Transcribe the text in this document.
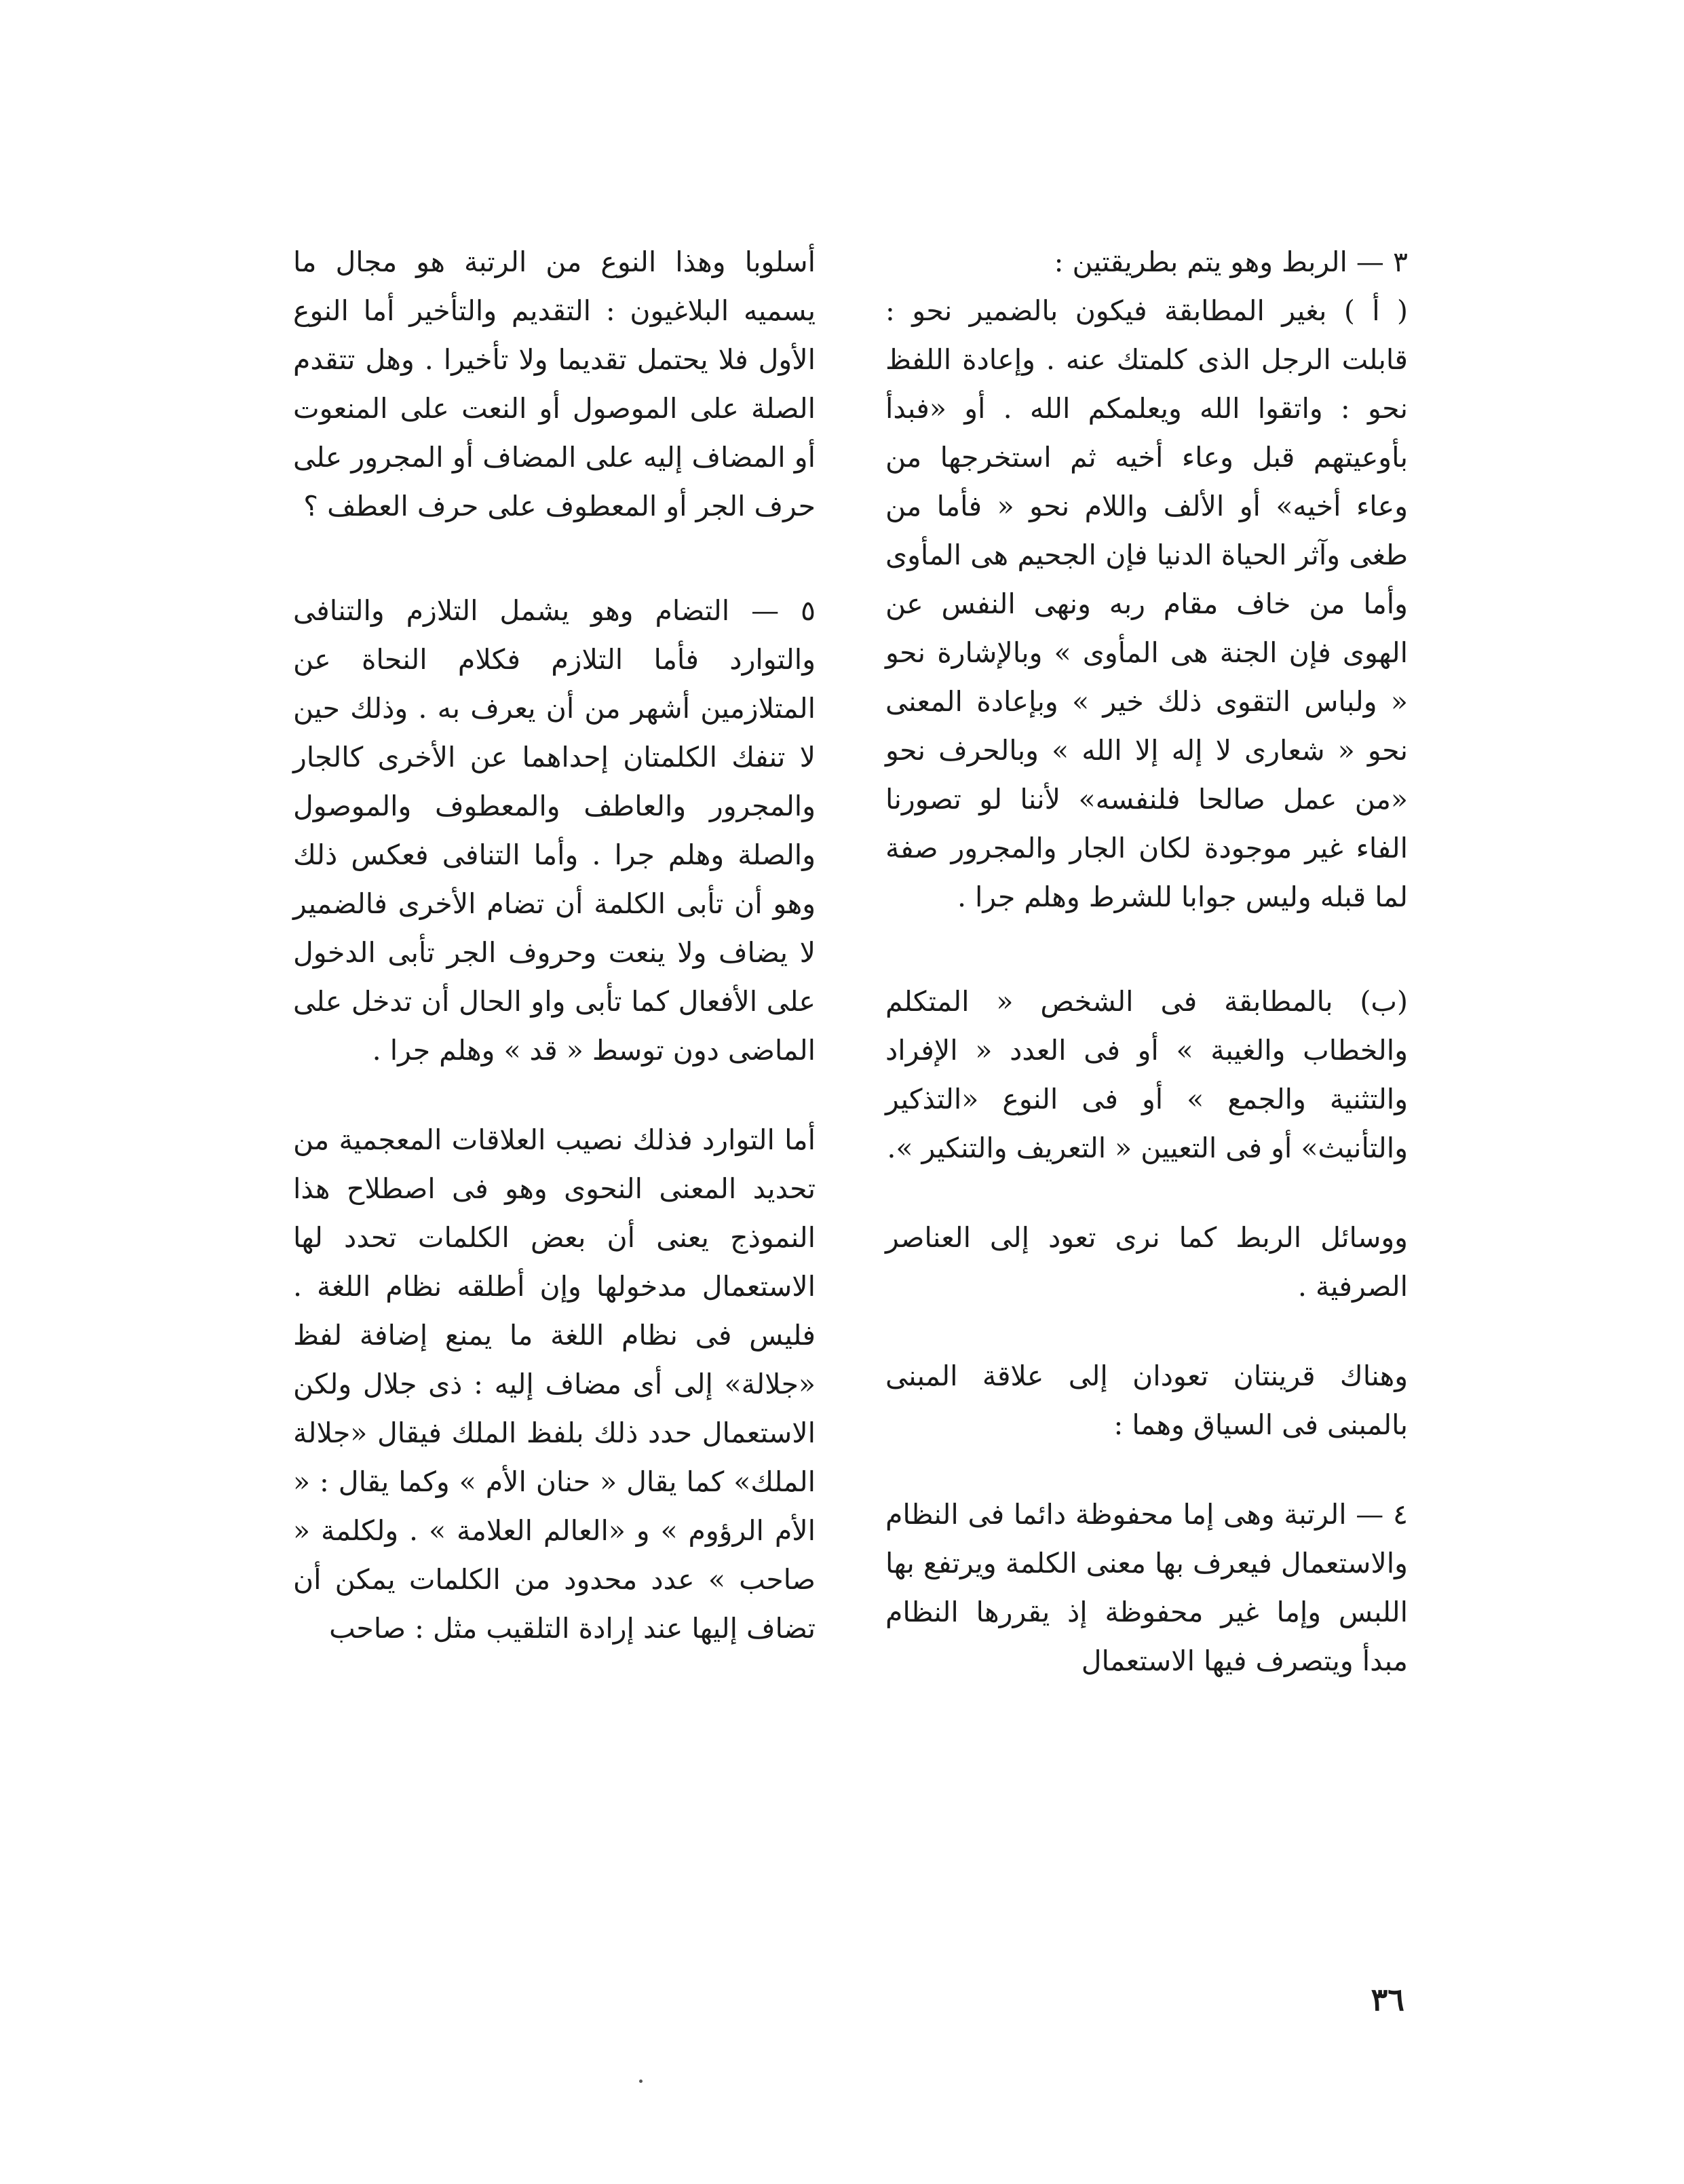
٣ — الربط وهو يتم بطريقتين :

( أ ) بغير المطابقة فيكون بالضمير نحو : قابلت الرجل الذى كلمتك عنه . وإعادة اللفظ نحو : واتقوا الله ويعلمكم الله . أو «فبدأ بأوعيتهم قبل وعاء أخيه ثم استخرجها من وعاء أخيه» أو الألف واللام نحو « فأما من طغى وآثر الحياة الدنيا فإن الجحيم هى المأوى وأما من خاف مقام ربه ونهى النفس عن الهوى فإن الجنة هى المأوى » وبالإشارة نحو « ولباس التقوى ذلك خير » وبإعادة المعنى نحو « شعارى لا إله إلا الله » وبالحرف نحو «من عمل صالحا فلنفسه» لأننا لو تصورنا الفاء غير موجودة لكان الجار والمجرور صفة لما قبله وليس جوابا للشرط وهلم جرا .

(ب) بالمطابقة فى الشخص « المتكلم والخطاب والغيبة » أو فى العدد « الإفراد والتثنية والجمع » أو فى النوع «التذكير والتأنيث» أو فى التعيين « التعريف والتنكير ».

ووسائل الربط كما نرى تعود إلى العناصر الصرفية .

وهناك قرينتان تعودان إلى علاقة المبنى بالمبنى فى السياق وهما :

٤ — الرتبة وهى إما محفوظة دائما فى النظام والاستعمال فيعرف بها معنى الكلمة ويرتفع بها اللبس وإما غير محفوظة إذ يقررها النظام مبدأ ويتصرف فيها الاستعمال

أسلوبا وهذا النوع من الرتبة هو مجال ما يسميه البلاغيون : التقديم والتأخير أما النوع الأول فلا يحتمل تقديما ولا تأخيرا . وهل تتقدم الصلة على الموصول أو النعت على المنعوت أو المضاف إليه على المضاف أو المجرور على حرف الجر أو المعطوف على حرف العطف ؟

٥ — التضام وهو يشمل التلازم والتنافى والتوارد فأما التلازم فكلام النحاة عن المتلازمين أشهر من أن يعرف به . وذلك حين لا تنفك الكلمتان إحداهما عن الأخرى كالجار والمجرور والعاطف والمعطوف والموصول والصلة وهلم جرا . وأما التنافى فعكس ذلك وهو أن تأبى الكلمة أن تضام الأخرى فالضمير لا يضاف ولا ينعت وحروف الجر تأبى الدخول على الأفعال كما تأبى واو الحال أن تدخل على الماضى دون توسط « قد » وهلم جرا .

أما التوارد فذلك نصيب العلاقات المعجمية من تحديد المعنى النحوى وهو فى اصطلاح هذا النموذج يعنى أن بعض الكلمات تحدد لها الاستعمال مدخولها وإن أطلقه نظام اللغة . فليس فى نظام اللغة ما يمنع إضافة لفظ «جلالة» إلى أى مضاف إليه : ذى جلال ولكن الاستعمال حدد ذلك بلفظ الملك فيقال «جلالة الملك» كما يقال « حنان الأم » وكما يقال : « الأم الرؤوم » و «العالم العلامة » . ولكلمة « صاحب » عدد محدود من الكلمات يمكن أن تضاف إليها عند إرادة التلقيب مثل : صاحب

٣٦
